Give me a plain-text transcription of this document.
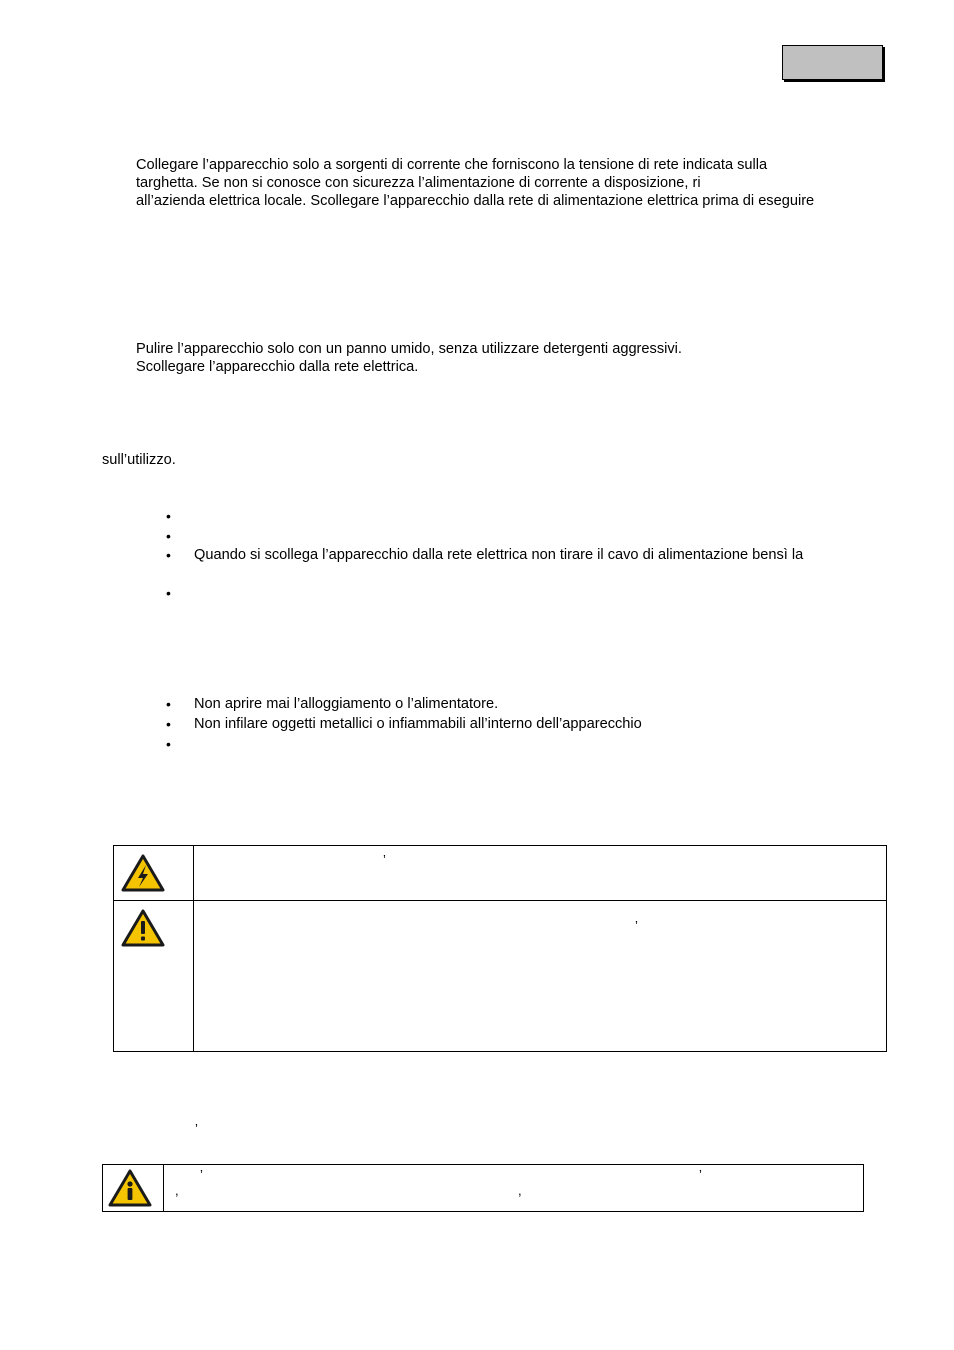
Collegare l’apparecchio solo a sorgenti di corrente che forniscono la tensione di rete indicata sulla
targhetta. Se non si conosce con sicurezza l’alimentazione di corrente a disposizione, ri
all’azienda elettrica locale. Scollegare l’apparecchio dalla rete di alimentazione elettrica prima di eseguire
Pulire l’apparecchio solo con un panno umido, senza utilizzare detergenti aggressivi.
Scollegare l’apparecchio dalla rete elettrica.
sull’utilizzo.
•
•
• Quando si scollega l’apparecchio dalla rete elettrica non tirare il cavo di alimentazione bensì la
•
• Non aprire mai l’alloggiamento o l’alimentatore.
• Non infilare oggetti metallici o infiammabili all’interno dell’apparecchio
•
’
’
’
’	’
,	,
